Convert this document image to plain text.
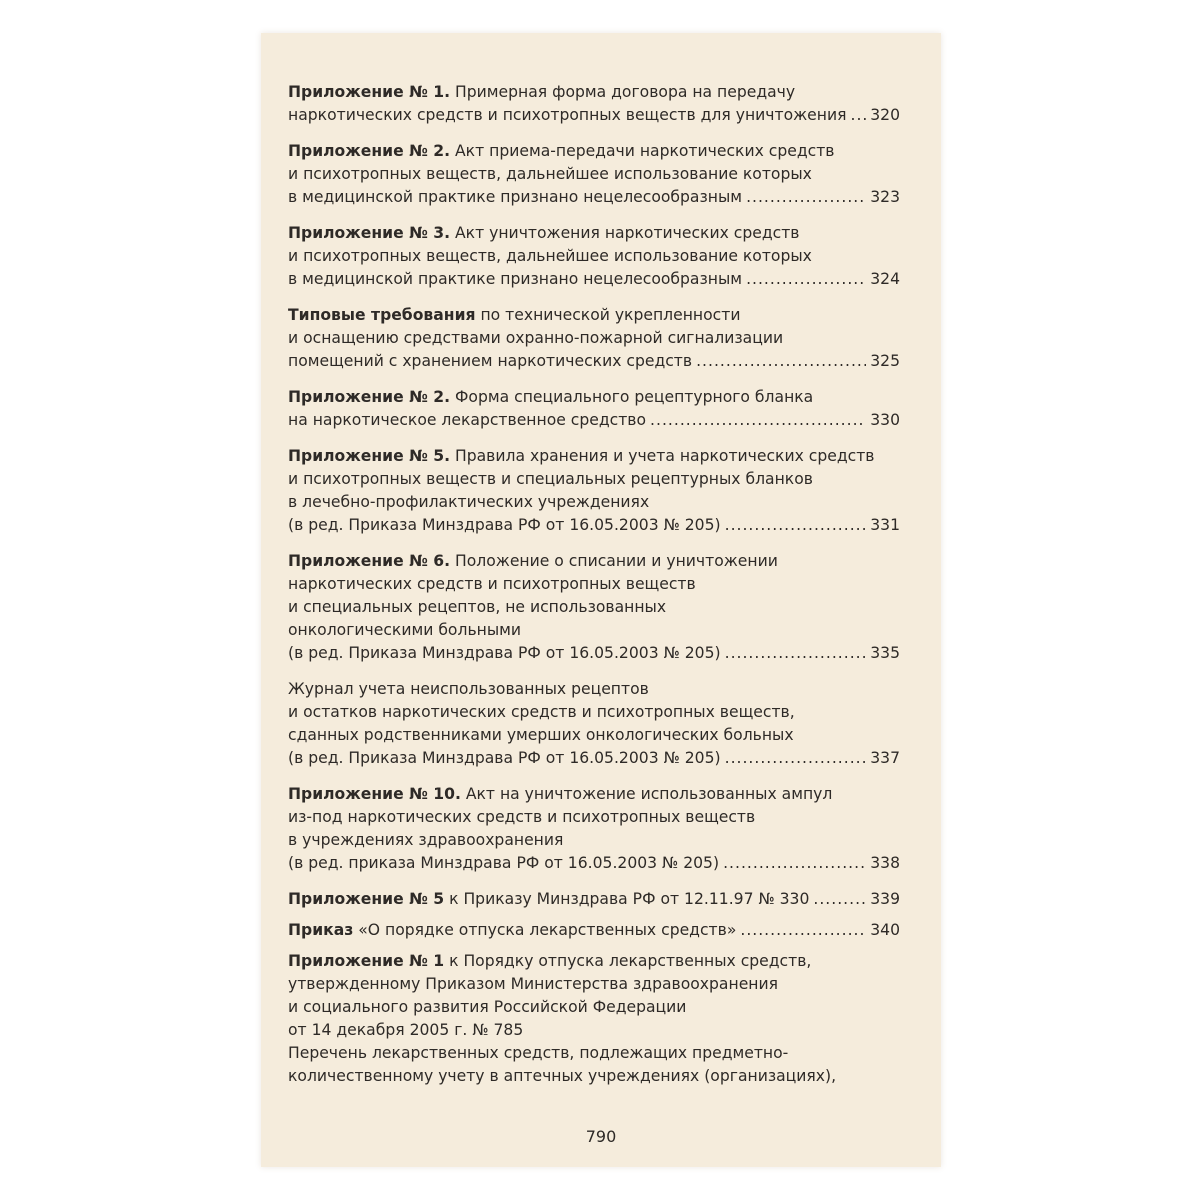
Приложение № 1. Примерная форма договора на передачу
наркотических средств и психотропных веществ для уничтожения ..... 320
Приложение № 2. Акт приема-передачи наркотических средств
и психотропных веществ, дальнейшее использование которых
в медицинской практике признано нецелесообразным .....	323
Приложение № 3. Акт уничтожения наркотических средств
и психотропных веществ, дальнейшее использование которых
в медицинской практике признано нецелесообразным .....	324
Типовые требования по технической укрепленности
и оснащению средствами охранно-пожарной сигнализации
помещений с хранением наркотических средств .....	325
Приложение № 2. Форма специального рецептурного бланка
на наркотическое лекарственное средство .....	330
Приложение № 5. Правила хранения и учета наркотических средств
и психотропных веществ и специальных рецептурных бланков
в лечебно-профилактических учреждениях
(в ред. Приказа Минздрава РФ от 16.05.2003 № 205) .....	331
Приложение № 6. Положение о списании и уничтожении
наркотических средств и психотропных веществ
и специальных рецептов, не использованных
онкологическими больными
(в ред. Приказа Минздрава РФ от 16.05.2003 № 205) .....	335
Журнал учета неиспользованных рецептов
и остатков наркотических средств и психотропных веществ,
сданных родственниками умерших онкологических больных
(в ред. Приказа Минздрава РФ от 16.05.2003 № 205) .....	337
Приложение № 10. Акт на уничтожение использованных ампул
из-под наркотических средств и психотропных веществ
в учреждениях здравоохранения
(в ред. приказа Минздрава РФ от 16.05.2003 № 205) .....	338
Приложение № 5 к Приказу Минздрава РФ от 12.11.97 № 330 .....	339
Приказ «О порядке отпуска лекарственных средств» .....	340
Приложение № 1 к Порядку отпуска лекарственных средств,
утвержденному Приказом Министерства здравоохранения
и социального развития Российской Федерации
от 14 декабря 2005 г. № 785
Перечень лекарственных средств, подлежащих предметно-
количественному учету в аптечных учреждениях (организациях),
790
